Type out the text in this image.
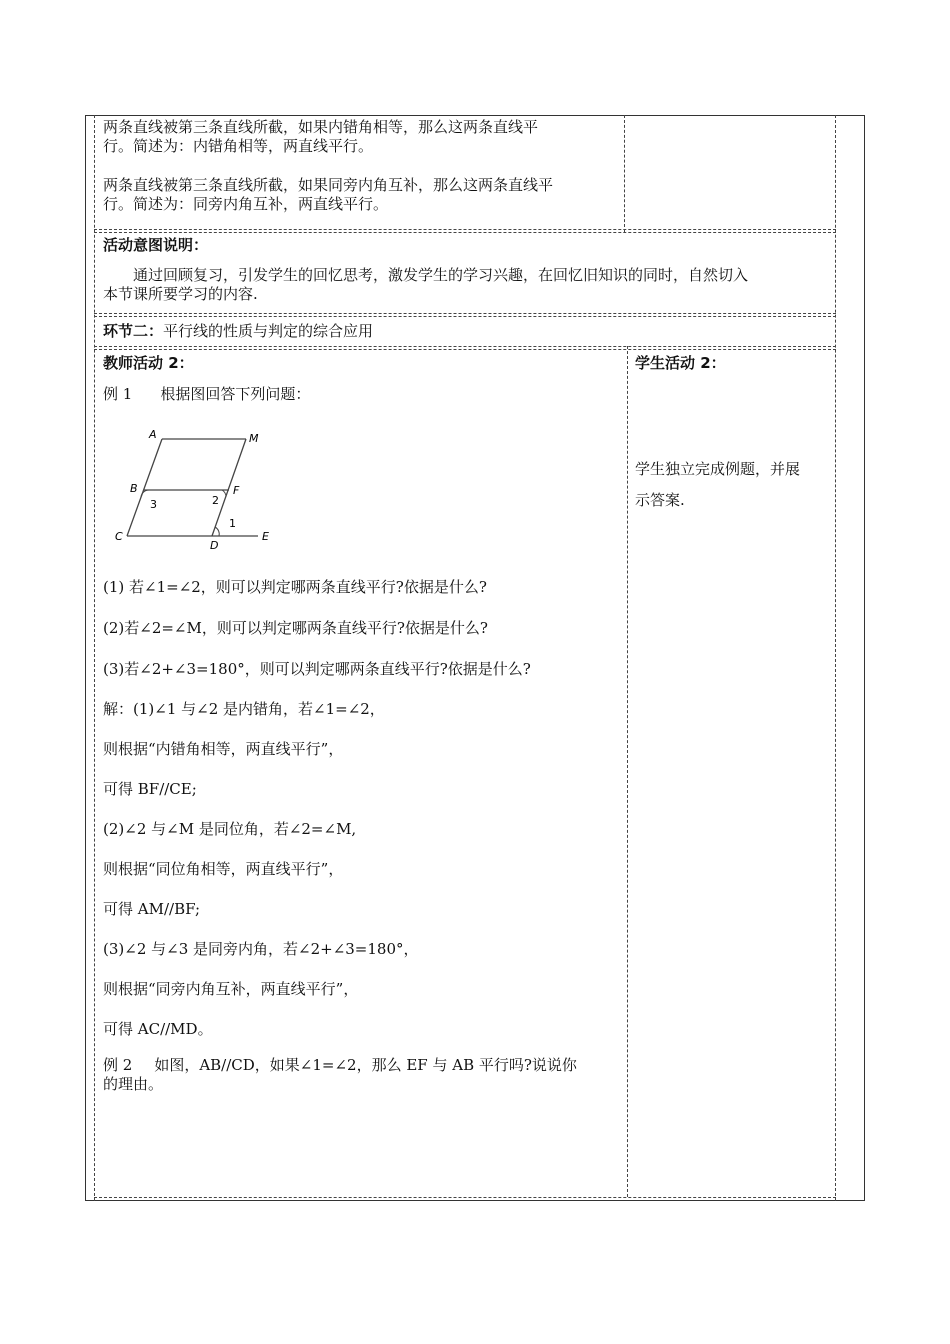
两条直线被第三条直线所截，如果内错角相等，那么这两条直线平

行。简述为：内错角相等，两直线平行。

两条直线被第三条直线所截，如果同旁内角互补，那么这两条直线平

行。简述为：同旁内角互补，两直线平行。

活动意图说明：

通过回顾复习，引发学生的回忆思考，激发学生的学习兴趣，在回忆旧知识的同时，自然切入

本节课所要学习的内容.

环节二：平行线的性质与判定的综合应用
教师活动 2：
例 1 根据图回答下列问题：
A	M
B	F
C
D
E
3	2
1
(1) 若∠1=∠2，则可以判定哪两条直线平行?依据是什么?
(2)若∠2=∠M，则可以判定哪两条直线平行?依据是什么?
(3)若∠2+∠3=180°，则可以判定哪两条直线平行?依据是什么?

解：(1)∠1 与∠2 是内错角，若∠1=∠2，

则根据“内错角相等，两直线平行”，

可得 BF//CE;

(2)∠2 与∠M 是同位角，若∠2=∠M,

则根据“同位角相等，两直线平行”，

可得 AM//BF;

(3)∠2 与∠3 是同旁内角，若∠2+∠3=180°，

则根据“同旁内角互补，两直线平行”，

可得 AC//MD。

例 2 如图，AB//CD，如果∠1=∠2，那么 EF 与 AB 平行吗?说说你

的理由。

学生活动 2：

学生独立完成例题，并展

示答案.
